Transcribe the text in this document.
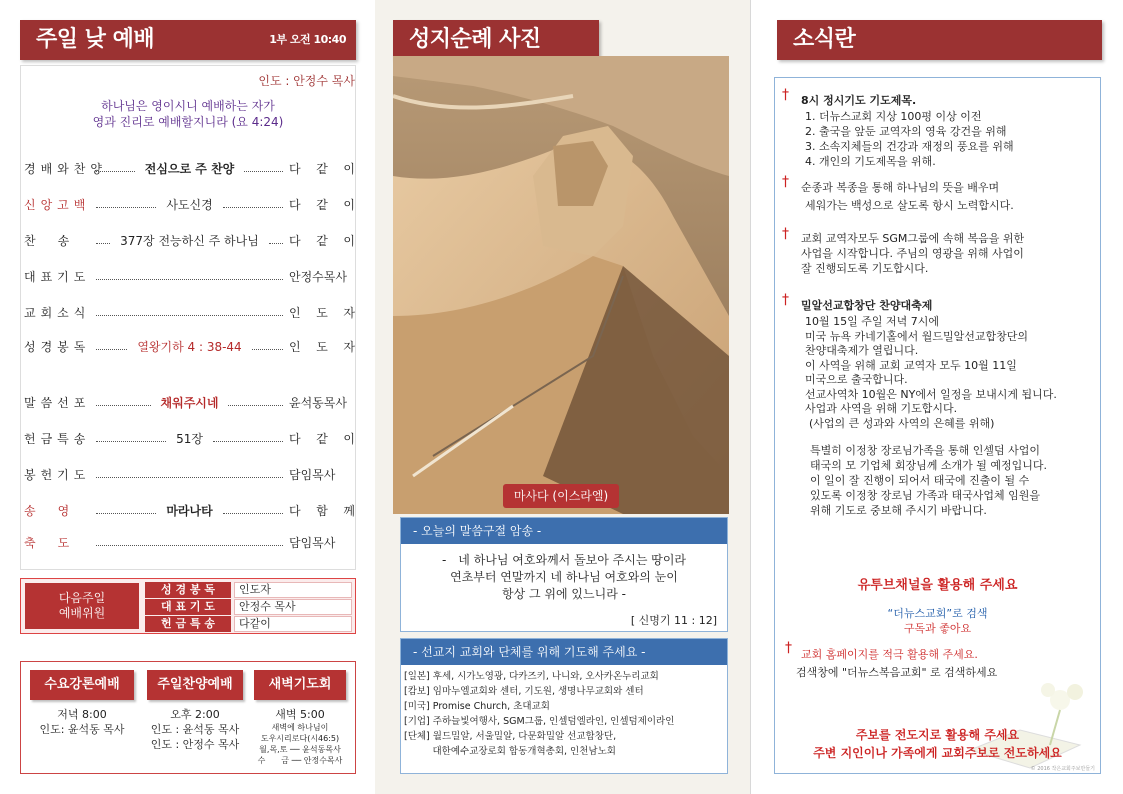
주일 낮 예배	1부 오전 10:40
인도 : 안정수 목사
하나님은 영이시니 예배하는 자가
영과 진리로 예배할지니라 (요 4:24)
경배와찬양	전심으로 주 찬양	다 같 이
신앙고백	사도신경	다 같 이
찬　송	377장 전능하신 주 하나님	다 같 이
대표기도	안정수목사
교회소식	인 도 자
성경봉독	열왕기하 4 : 38-44	인 도 자
말씀선포	채워주시네	윤석동목사
헌금특송	51장	다 같 이
봉헌기도	담임목사
송　영	마라나타	다 함 께
축　도	담임목사
다음주일
예배위원
성 경 봉 독	인도자
대 표 기 도	안정수 목사
헌 금 특 송	다같이
수요강론예배
저녁 8:00
인도: 윤석동 목사
주일찬양예배
오후 2:00
인도 : 윤석동 목사
인도 : 안정수 목사
새벽기도회
새벽 5:00
새벽에 하나님이
도우시리로다(시46:5)
월,목,토 ── 윤석동목사
수　　금 ── 안정수목사
성지순례 사진
마사다 (이스라엘)
- 오늘의 말씀구절 암송 -
-　네 하나님 여호와께서 돌보아 주시는 땅이라
연초부터 연말까지 네 하나님 여호와의 눈이
항상 그 위에 있느니라 -
[ 신명기 11 : 12]
- 선교지 교회와 단체를 위해 기도해 주세요 -
[일본] 후세, 시가노영광, 다카즈키, 나니와, 오사카온누리교회
[캄보] 임마누엘교회와 센터, 기도원, 생명나무교회와 센터
[미국] Promise Church, 초대교회
[기업] 주하늘빛여행사, SGM그룹, 인셀덤엘라인, 인셀덤제이라인
[단체] 월드밀알, 서울밀알, 다문화밀알 선교합창단,
　　　대한예수교장로회 합동개혁총회, 인천남노회
소식란
† 8시 정시기도 기도제목.
1. 더뉴스교회 지상 100평 이상 이전
2. 출국을 앞둔 교역자의 영육 강건을 위해
3. 소속지체들의 건강과 재정의 풍요를 위해
4. 개인의 기도제목을 위해.
† 순종과 복종을 통해 하나님의 뜻을 배우며
세워가는 백성으로 살도록 항시 노력합시다.
† 교회 교역자모두 SGM그룹에 속해 복음을 위한
사업을 시작합니다. 주님의 영광을 위해 사업이
잘 진행되도록 기도합시다.
† 밀알선교합창단 찬양대축제
10월 15일 주일 저녁 7시에
미국 뉴욕 카네기홀에서 월드밀알선교합창단의
찬양대축제가 열립니다.
이 사역을 위해 교회 교역자 모두 10월 11일
미국으로 출국합니다.
선교사역차 10월은 NY에서 일정을 보내시게 됩니다.
사업과 사역을 위해 기도합시다.
(사업의 큰 성과와 사역의 은혜를 위해)
특별히 이정창 장로님가족을 통해 인셀덤 사업이
태국의 모 기업체 회장님께 소개가 될 예정입니다.
이 일이 잘 진행이 되어서 태국에 진출이 될 수
있도록 이정창 장로님 가족과 태국사업체 임원을
위해 기도로 중보해 주시기 바랍니다.
유투브채널을 활용해 주세요
“더뉴스교회”로 검색
구독과 좋아요
† 교회 홈페이지를 적극 활용해 주세요.
검색창에 "더뉴스복음교회" 로 검색하세요
주보를 전도지로 활용해 주세요
주변 지인이나 가족에게 교회주보로 전도하세요
© 2016 작은교회주보만들기
